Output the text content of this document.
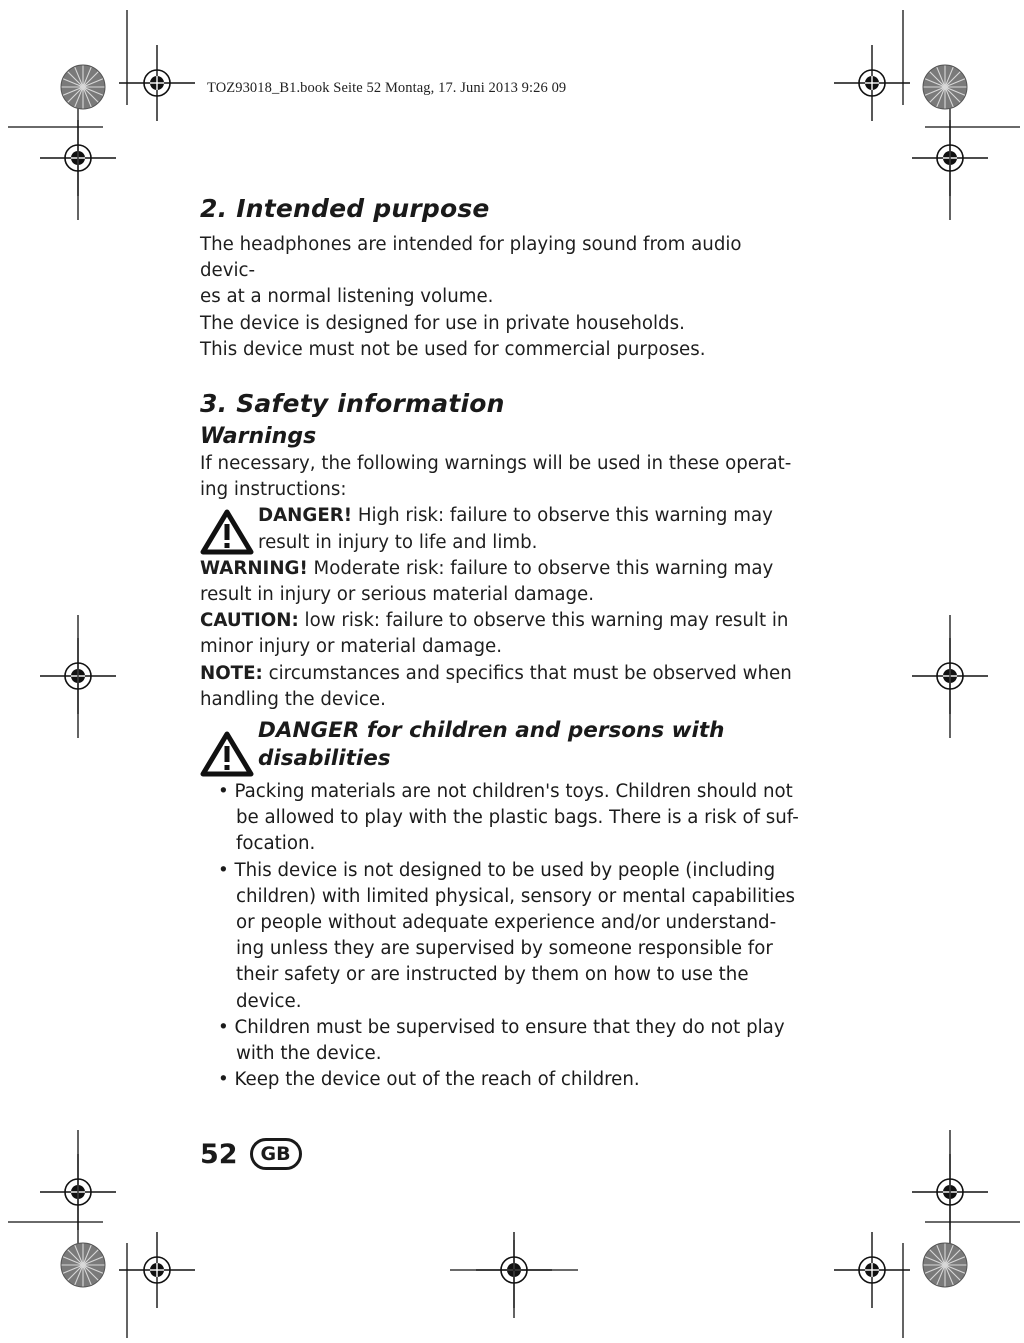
TOZ93018_B1.book Seite 52 Montag, 17. Juni 2013 9:26 09
2. Intended purpose

The headphones are intended for playing sound from audio devic-

es at a normal listening volume.

The device is designed for use in private households.

This device must not be used for commercial purposes.

3. Safety information
Warnings

If necessary, the following warnings will be used in these operat-

ing instructions:

DANGER! High risk: failure to observe this warning may

result in injury to life and limb.

WARNING! Moderate risk: failure to observe this warning may

result in injury or serious material damage.

CAUTION: low risk: failure to observe this warning may result in

minor injury or material damage.

NOTE: circumstances and specifics that must be observed when

handling the device.

DANGER for children and persons with
disabilities
• Packing materials are not children's toys. Children should not
be allowed to play with the plastic bags. There is a risk of suf-
focation.
• This device is not designed to be used by people (including
children) with limited physical, sensory or mental capabilities
or people without adequate experience and/or understand-
ing unless they are supervised by someone responsible for
their safety or are instructed by them on how to use the
device.
• Children must be supervised to ensure that they do not play
with the device.
• Keep the device out of the reach of children.
52	GB
